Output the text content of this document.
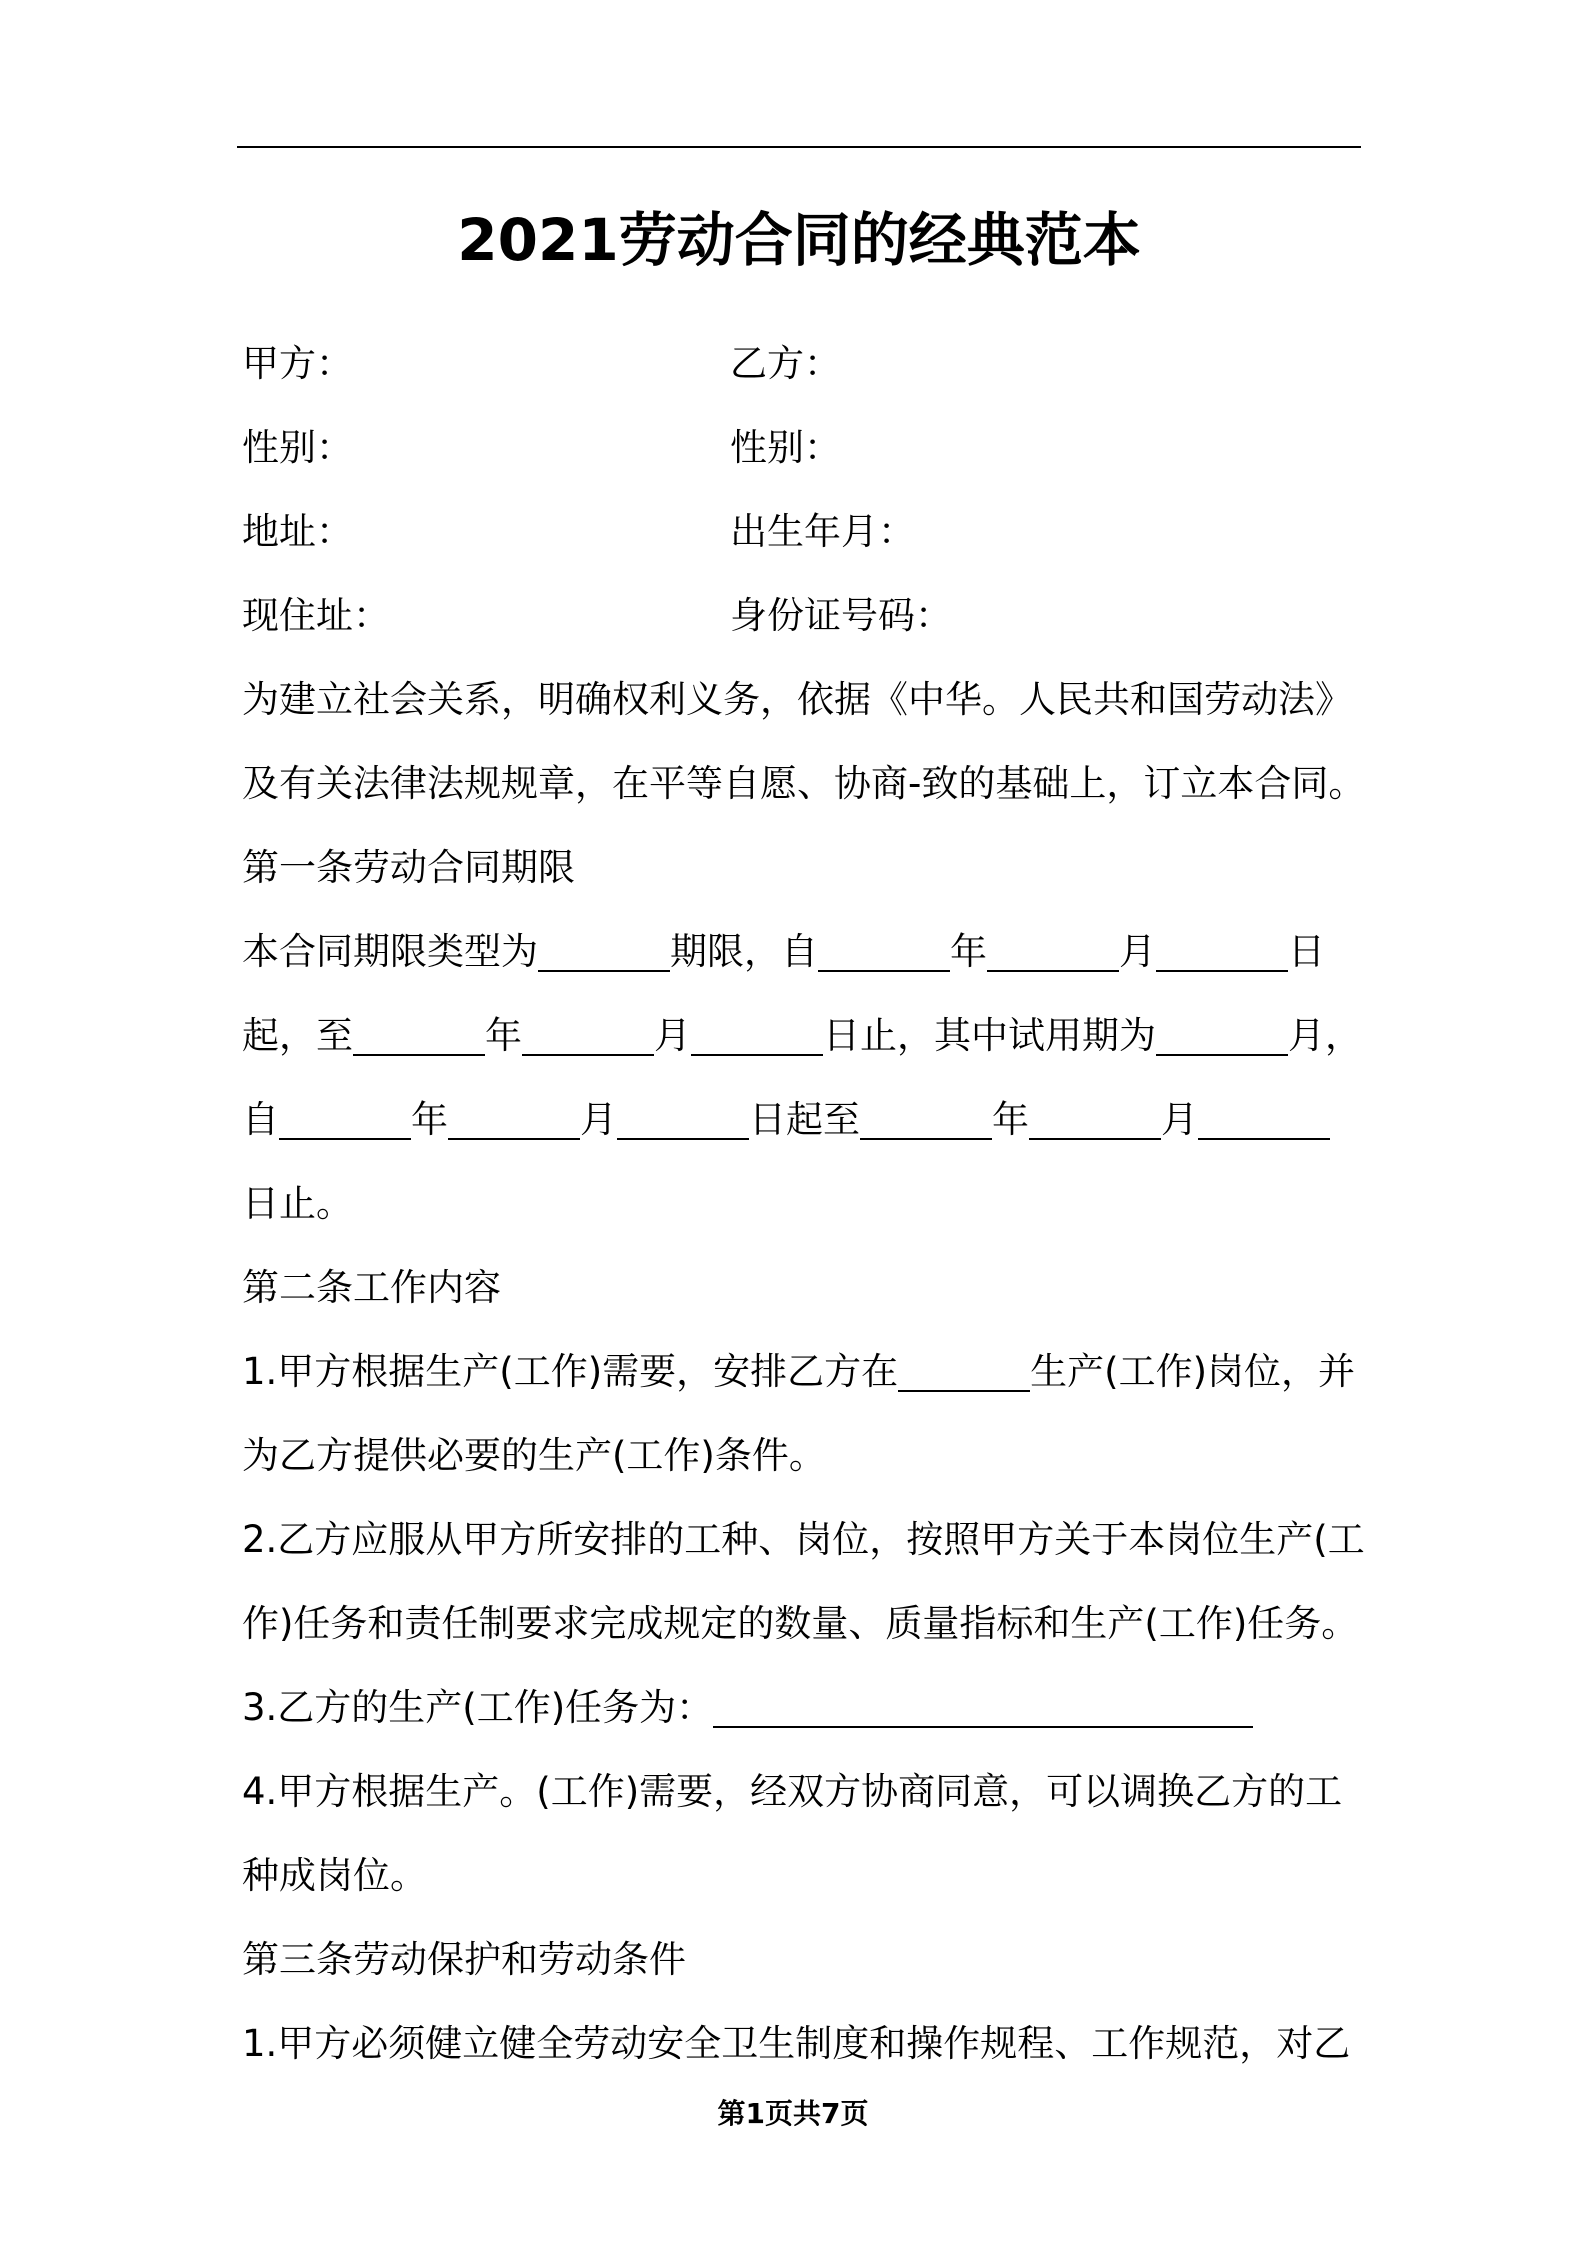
2021劳动合同的经典范本
甲方：	乙方：
性别：	性别：
地址：	出生年月：
现住址：	身份证号码：
为建立社会关系，明确权利义务，依据《中华。人民共和国劳动法》
及有关法律法规规章，在平等自愿、协商-致的基础上，订立本合同。
第一条劳动合同期限
本合同期限类型为	期限，自	年	月	日
起，至	年	月	日止，其中试用期为	月，
自	年	月	日起至	年	月
日止。
第二条工作内容
1.甲方根据生产(工作)需要，安排乙方在	生产(工作)岗位，并
为乙方提供必要的生产(工作)条件。
2.乙方应服从甲方所安排的工种、岗位，按照甲方关于本岗位生产(工
作)任务和责任制要求完成规定的数量、质量指标和生产(工作)任务。
3.乙方的生产(工作)任务为：
4.甲方根据生产。(工作)需要，经双方协商同意，可以调换乙方的工
种成岗位。
第三条劳动保护和劳动条件
1.甲方必须健立健全劳动安全卫生制度和操作规程、工作规范，对乙
第1页共7页
